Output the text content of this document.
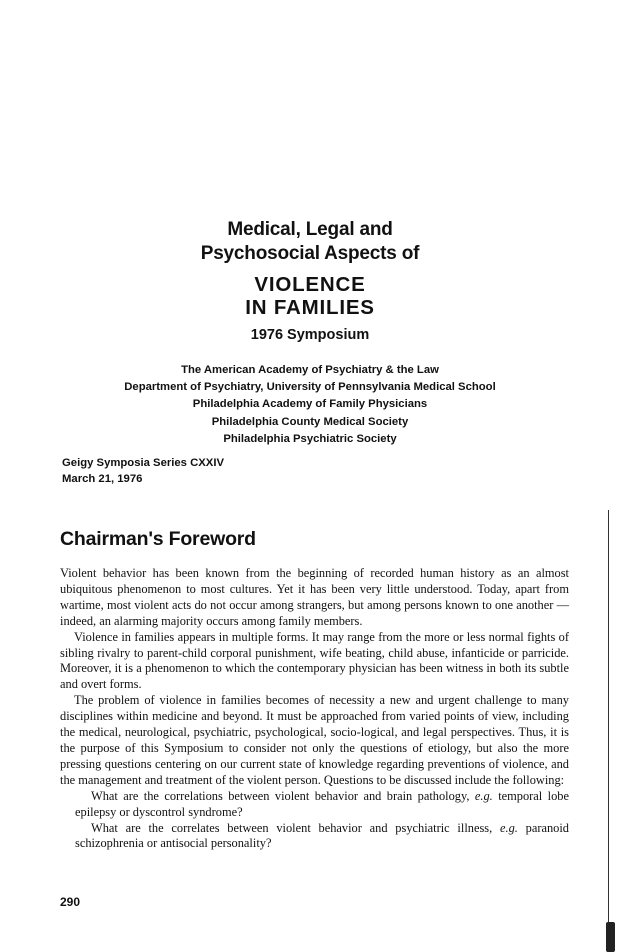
Medical, Legal and
Psychosocial Aspects of
VIOLENCE
IN FAMILIES
1976 Symposium
The American Academy of Psychiatry & the Law
Department of Psychiatry, University of Pennsylvania Medical School
Philadelphia Academy of Family Physicians
Philadelphia County Medical Society
Philadelphia Psychiatric Society
Geigy Symposia Series CXXIV
March 21, 1976
Chairman's Foreword

Violent behavior has been known from the beginning of recorded human history as an almost ubiquitous phenomenon to most cultures. Yet it has been very little understood. Today, apart from wartime, most violent acts do not occur among strangers, but among persons known to one another — indeed, an alarming majority occurs among family members.

Violence in families appears in multiple forms. It may range from the more or less normal fights of sibling rivalry to parent-child corporal punishment, wife beating, child abuse, infanticide or parricide. Moreover, it is a phenomenon to which the contemporary physician has been witness in both its subtle and overt forms.

The problem of violence in families becomes of necessity a new and urgent challenge to many disciplines within medicine and beyond. It must be approached from varied points of view, including the medical, neurological, psychiatric, psychological, socio-logical, and legal perspectives. Thus, it is the purpose of this Symposium to consider not only the questions of etiology, but also the more pressing questions centering on our current state of knowledge regarding preventions of violence, and the management and treatment of the violent person. Questions to be discussed include the following:

What are the correlations between violent behavior and brain pathology, e.g. temporal lobe epilepsy or dyscontrol syndrome?

What are the correlates between violent behavior and psychiatric illness, e.g. paranoid schizophrenia or antisocial personality?

290
